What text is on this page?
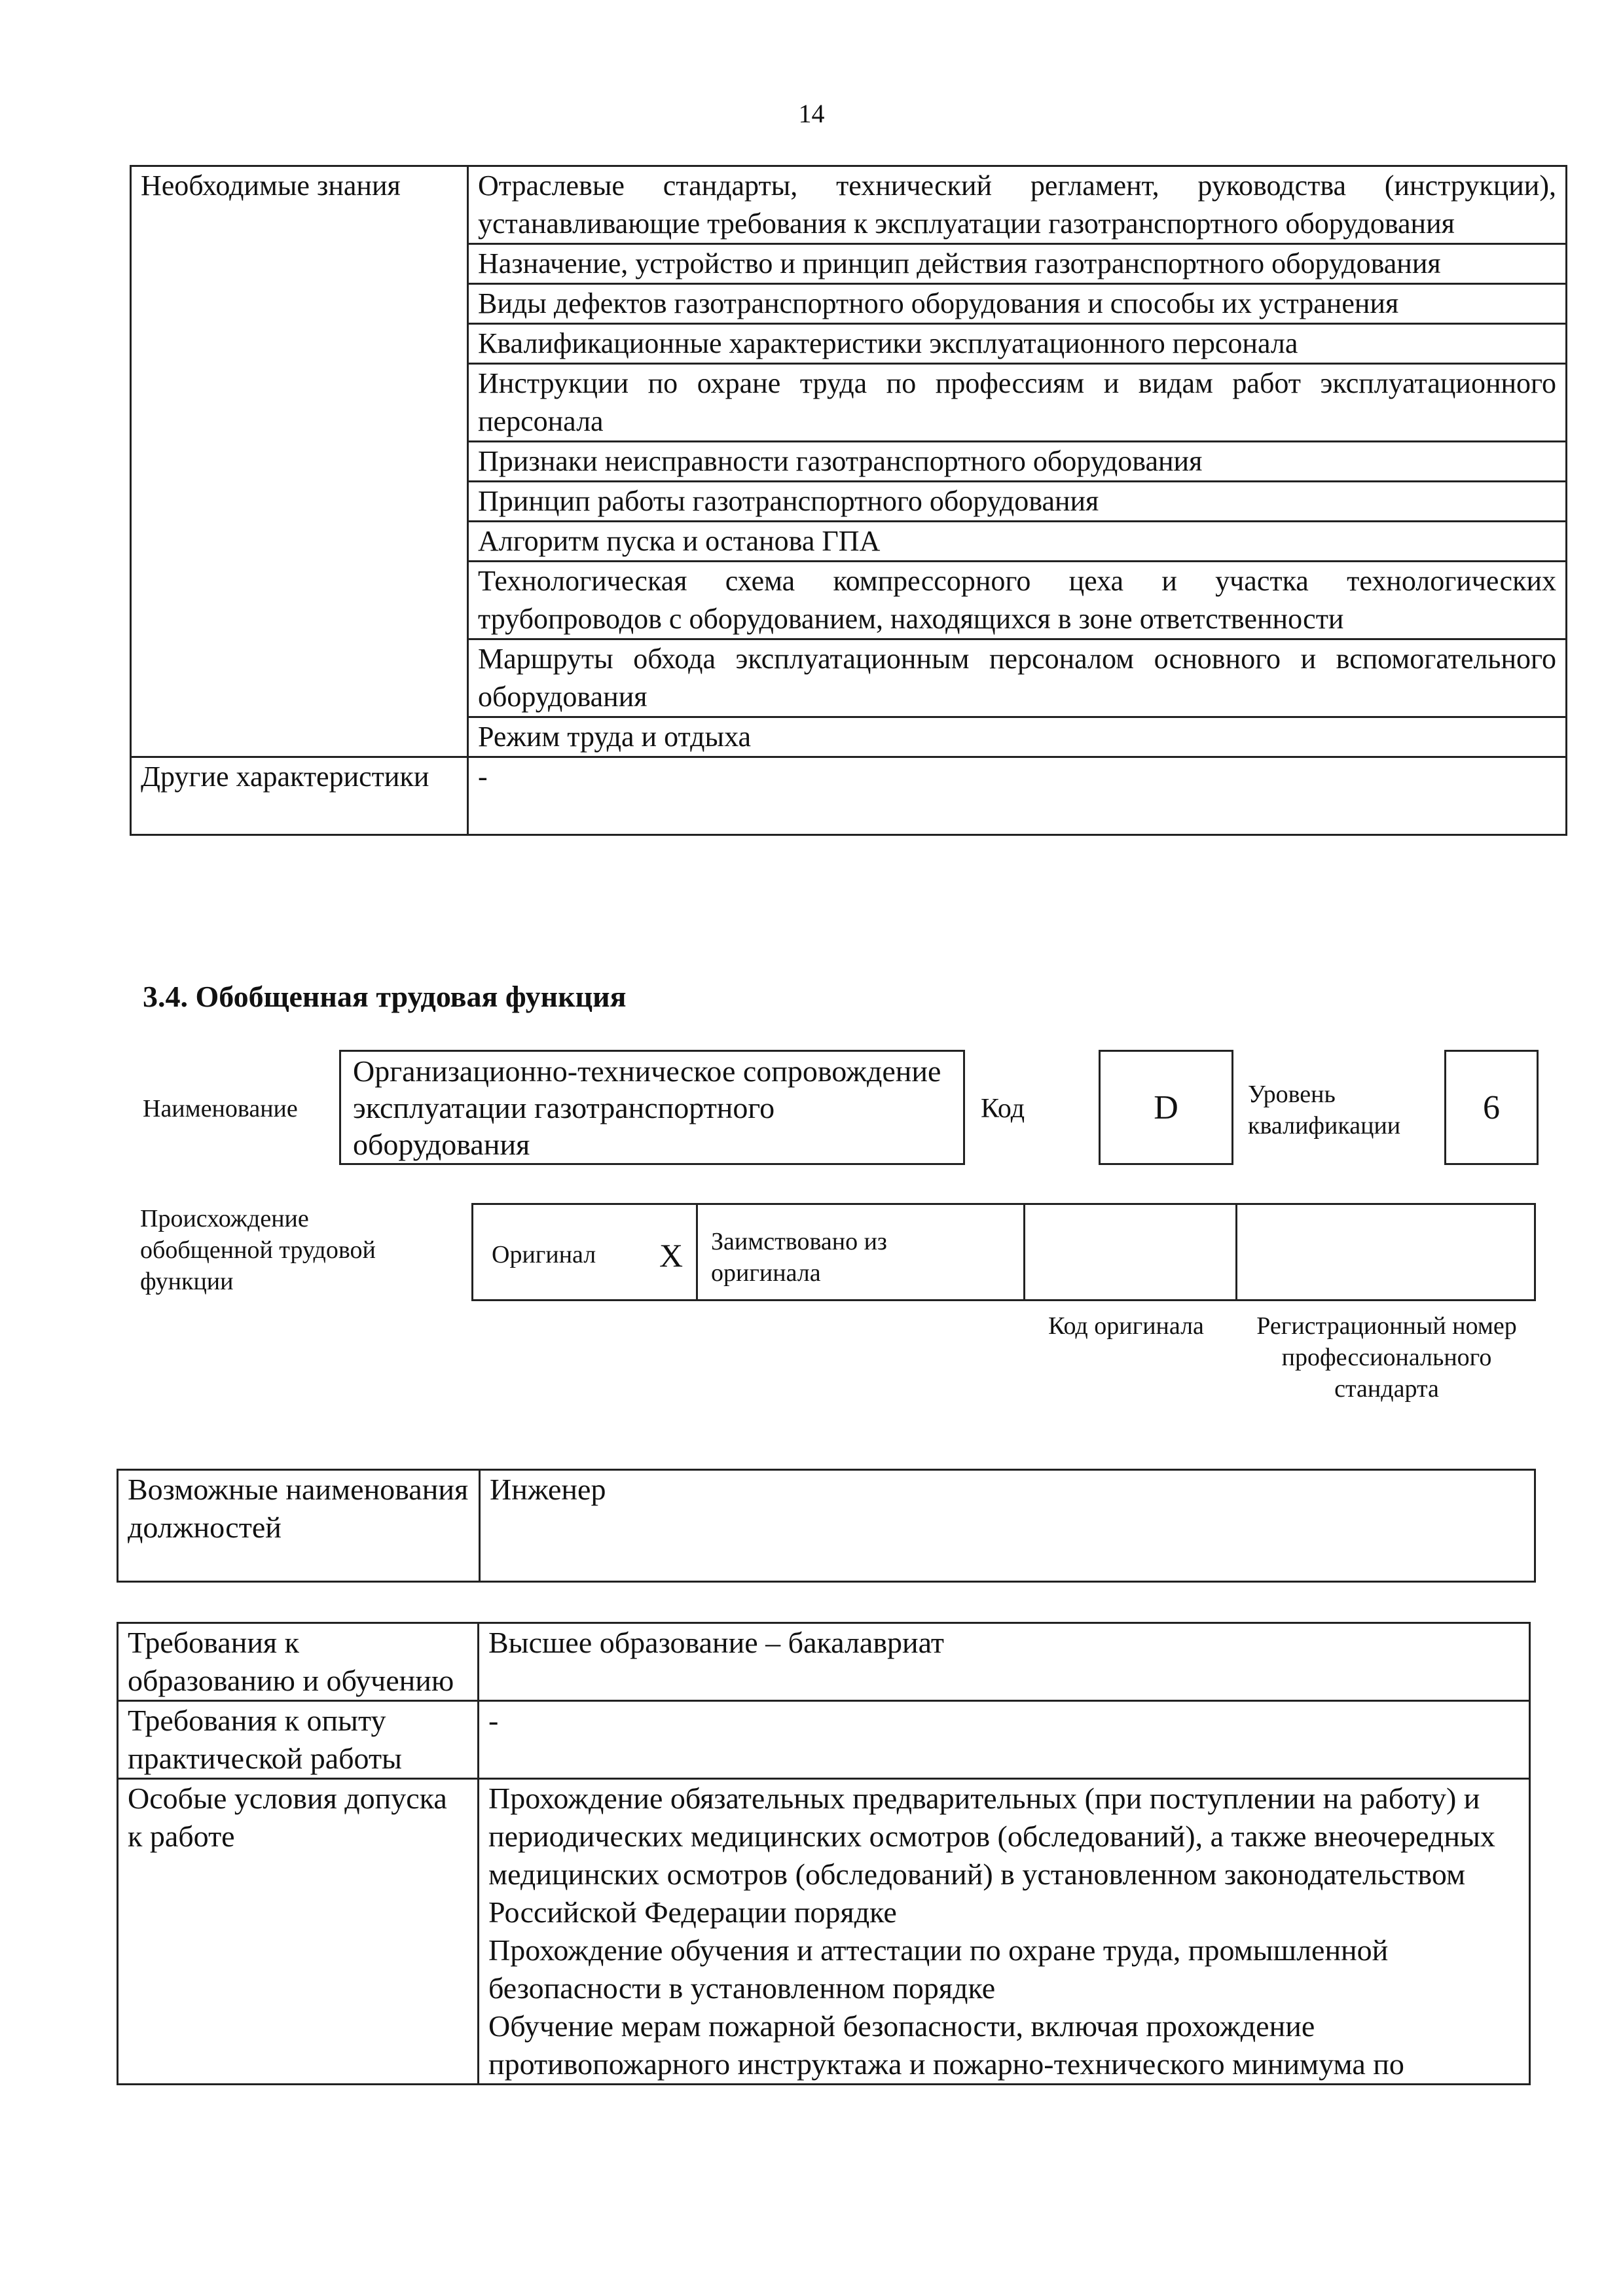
14
Необходимые знания	Отраслевые стандарты, технический регламент, руководства (инструкции), устанавливающие требования к эксплуатации газотранспортного оборудования
	Назначение, устройство и принцип действия газотранспортного оборудования
	Виды дефектов газотранспортного оборудования и способы их устранения
	Квалификационные характеристики эксплуатационного персонала
	Инструкции по охране труда по профессиям и видам работ эксплуатационного персонала
	Признаки неисправности газотранспортного оборудования
	Принцип работы газотранспортного оборудования
	Алгоритм пуска и останова ГПА
	Технологическая схема компрессорного цеха и участка технологических трубопроводов с оборудованием, находящихся в зоне ответственности
	Маршруты обхода эксплуатационным персоналом основного и вспомогательного оборудования
	Режим труда и отдыха
Другие характеристики	-
3.4. Обобщенная трудовая функция
Наименование
Организационно-техническое сопровождение эксплуатации газотранспортного оборудования
Код	D	Уровень квалификации	6
Происхождение обобщенной трудовой функции
Оригинал X Заимствовано из оригинала
Код оригинала	Регистрационный номер профессионального стандарта
Возможные наименования должностей	Инженер
Требования к образованию и обучению	Высшее образование – бакалавриат
Требования к опыту практической работы	-
Особые условия допуска к работе	Прохождение обязательных предварительных (при поступлении на работу) и периодических медицинских осмотров (обследований), а также внеочередных медицинских осмотров (обследований) в установленном законодательством Российской Федерации порядке
Прохождение обучения и аттестации по охране труда, промышленной безопасности в установленном порядке
Обучение мерам пожарной безопасности, включая прохождение противопожарного инструктажа и пожарно-технического минимума по
